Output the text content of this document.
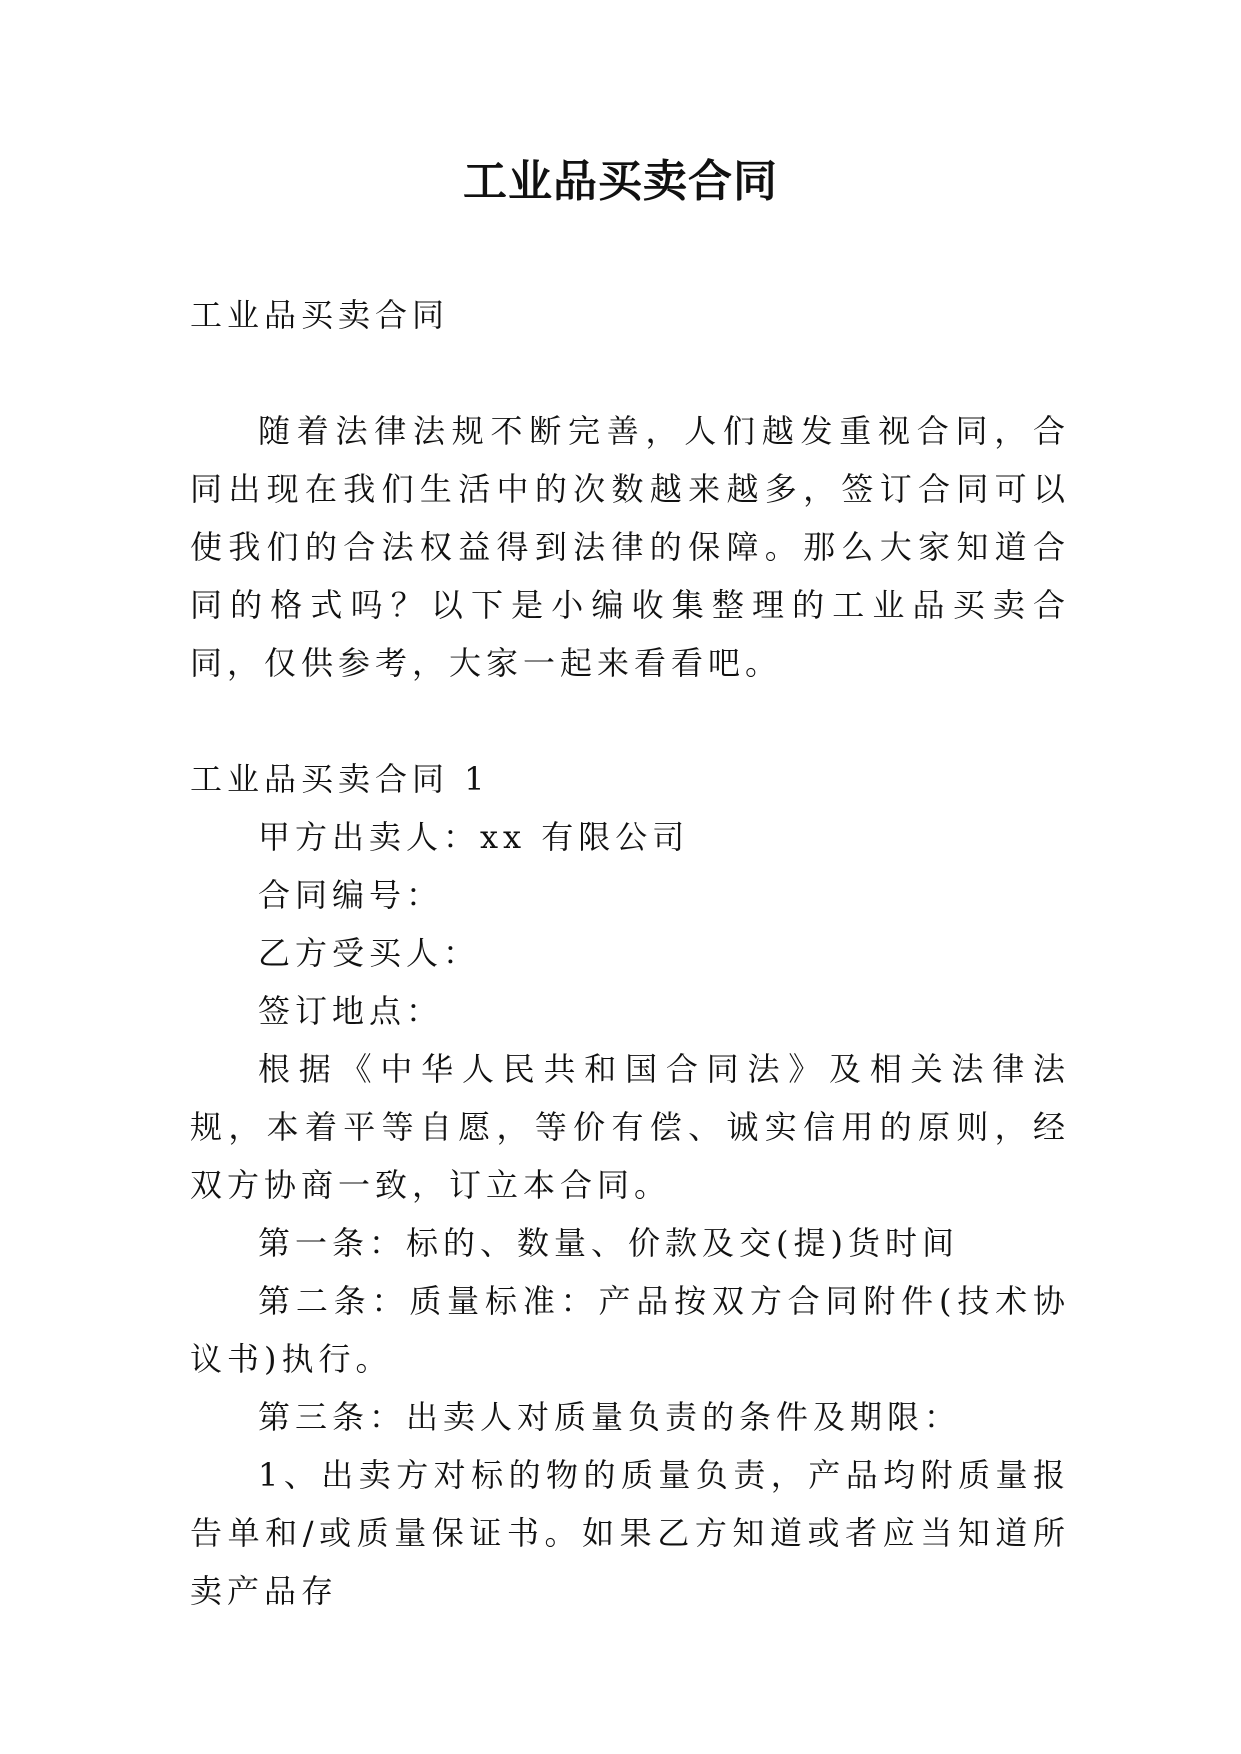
工业品买卖合同

工业品买卖合同

随着法律法规不断完善，人们越发重视合同，合同出现在我们生活中的次数越来越多，签订合同可以使我们的合法权益得到法律的保障。那么大家知道合同的格式吗？以下是小编收集整理的工业品买卖合同，仅供参考，大家一起来看看吧。

工业品买卖合同 1

甲方出卖人：xx 有限公司

合同编号：

乙方受买人：

签订地点：

根据《中华人民共和国合同法》及相关法律法规，本着平等自愿，等价有偿、诚实信用的原则，经双方协商一致，订立本合同。

第一条：标的、数量、价款及交(提)货时间

第二条：质量标准：产品按双方合同附件(技术协议书)执行。

第三条：出卖人对质量负责的条件及期限：

1、出卖方对标的物的质量负责，产品均附质量报告单和/或质量保证书。如果乙方知道或者应当知道所卖产品存
